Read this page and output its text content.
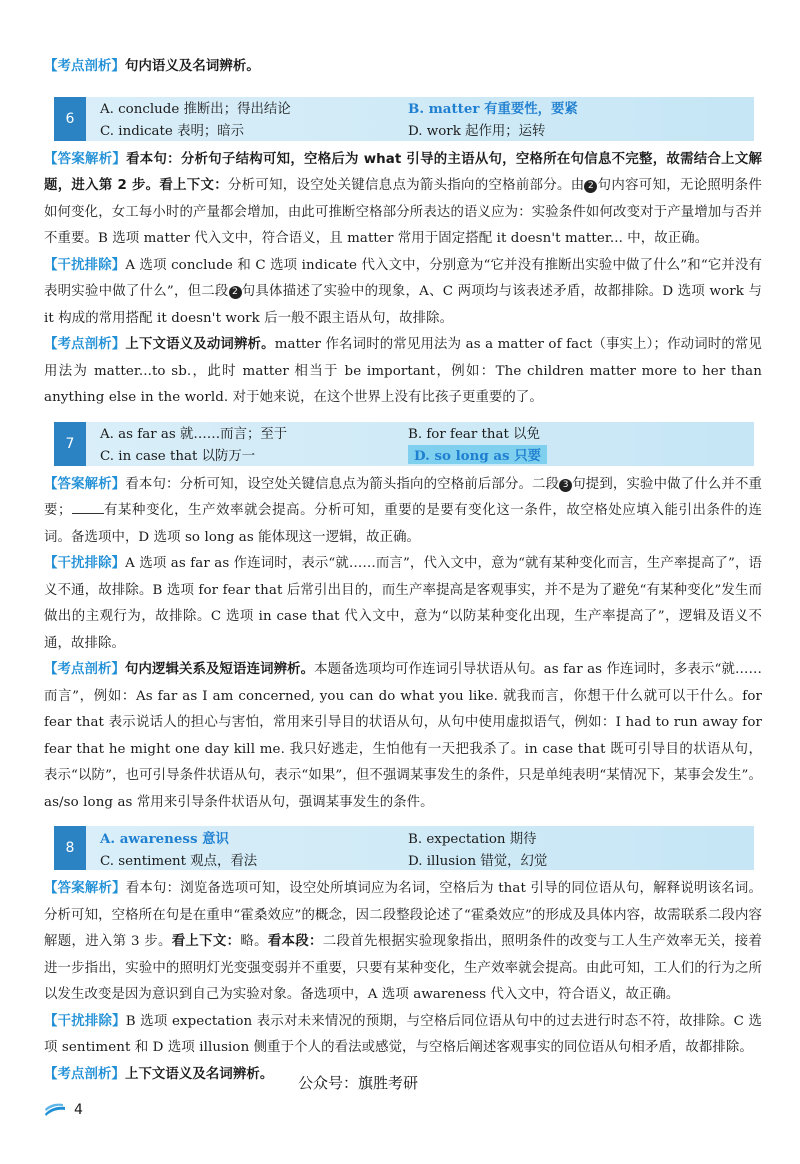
【考点剖析】句内语义及名词辨析。

6
A. conclude 推断出；得出结论	B. matter 有重要性，要紧
C. indicate 表明；暗示	D. work 起作用；运转

【答案解析】看本句：分析句子结构可知，空格后为 what 引导的主语从句，空格所在句信息不完整，故需结合上文解题，进入第 2 步。看上下文：分析可知，设空处关键信息点为箭头指向的空格前部分。由 2 句内容可知，无论照明条件如何变化，女工每小时的产量都会增加，由此可推断空格部分所表达的语义应为：实验条件如何改变对于产量增加与否并不重要。B 选项 matter 代入文中，符合语义，且 matter 常用于固定搭配 it doesn't matter... 中，故正确。

【干扰排除】A 选项 conclude 和 C 选项 indicate 代入文中，分别意为“它并没有推断出实验中做了什么”和“它并没有表明实验中做了什么”，但二段 2 句具体描述了实验中的现象，A、C 两项均与该表述矛盾，故都排除。D 选项 work 与 it 构成的常用搭配 it doesn't work 后一般不跟主语从句，故排除。

【考点剖析】上下文语义及动词辨析。matter 作名词时的常见用法为 as a matter of fact（事实上）；作动词时的常见用法为 matter...to sb.，此时 matter 相当于 be important，例如：The children matter more to her than anything else in the world. 对于她来说，在这个世界上没有比孩子更重要的了。

7
A. as far as 就……而言；至于	B. for fear that 以免
C. in case that 以防万一	D. so long as 只要

【答案解析】看本句：分析可知，设空处关键信息点为箭头指向的空格前后部分。二段 3 句提到，实验中做了什么并不重要； 有某种变化，生产效率就会提高。分析可知，重要的是要有变化这一条件，故空格处应填入能引出条件的连词。备选项中，D 选项 so long as 能体现这一逻辑，故正确。

【干扰排除】A 选项 as far as 作连词时，表示“就……而言”，代入文中，意为“就有某种变化而言，生产率提高了”，语义不通，故排除。B 选项 for fear that 后常引出目的，而生产率提高是客观事实，并不是为了避免“有某种变化”发生而做出的主观行为，故排除。C 选项 in case that 代入文中，意为“以防某种变化出现，生产率提高了”，逻辑及语义不通，故排除。

【考点剖析】句内逻辑关系及短语连词辨析。本题备选项均可作连词引导状语从句。as far as 作连词时，多表示“就……而言”，例如：As far as I am concerned, you can do what you like. 就我而言，你想干什么就可以干什么。for fear that 表示说话人的担心与害怕，常用来引导目的状语从句，从句中使用虚拟语气，例如：I had to run away for fear that he might one day kill me. 我只好逃走，生怕他有一天把我杀了。in case that 既可引导目的状语从句，表示“以防”，也可引导条件状语从句，表示“如果”，但不强调某事发生的条件，只是单纯表明“某情况下，某事会发生”。as/so long as 常用来引导条件状语从句，强调某事发生的条件。

8
A. awareness 意识	B. expectation 期待
C. sentiment 观点，看法	D. illusion 错觉，幻觉

【答案解析】看本句：浏览备选项可知，设空处所填词应为名词，空格后为 that 引导的同位语从句，解释说明该名词。分析可知，空格所在句是在重申“霍桑效应”的概念，因二段整段论述了“霍桑效应”的形成及具体内容，故需联系二段内容解题，进入第 3 步。看上下文：略。看本段：二段首先根据实验现象指出，照明条件的改变与工人生产效率无关，接着进一步指出，实验中的照明灯光变强变弱并不重要，只要有某种变化，生产效率就会提高。由此可知，工人们的行为之所以发生改变是因为意识到自己为实验对象。备选项中，A 选项 awareness 代入文中，符合语义，故正确。

【干扰排除】B 选项 expectation 表示对未来情况的预期，与空格后同位语从句中的过去进行时态不符，故排除。C 选项 sentiment 和 D 选项 illusion 侧重于个人的看法或感觉，与空格后阐述客观事实的同位语从句相矛盾，故都排除。

【考点剖析】上下文语义及名词辨析。	公众号：旗胜考研
4
